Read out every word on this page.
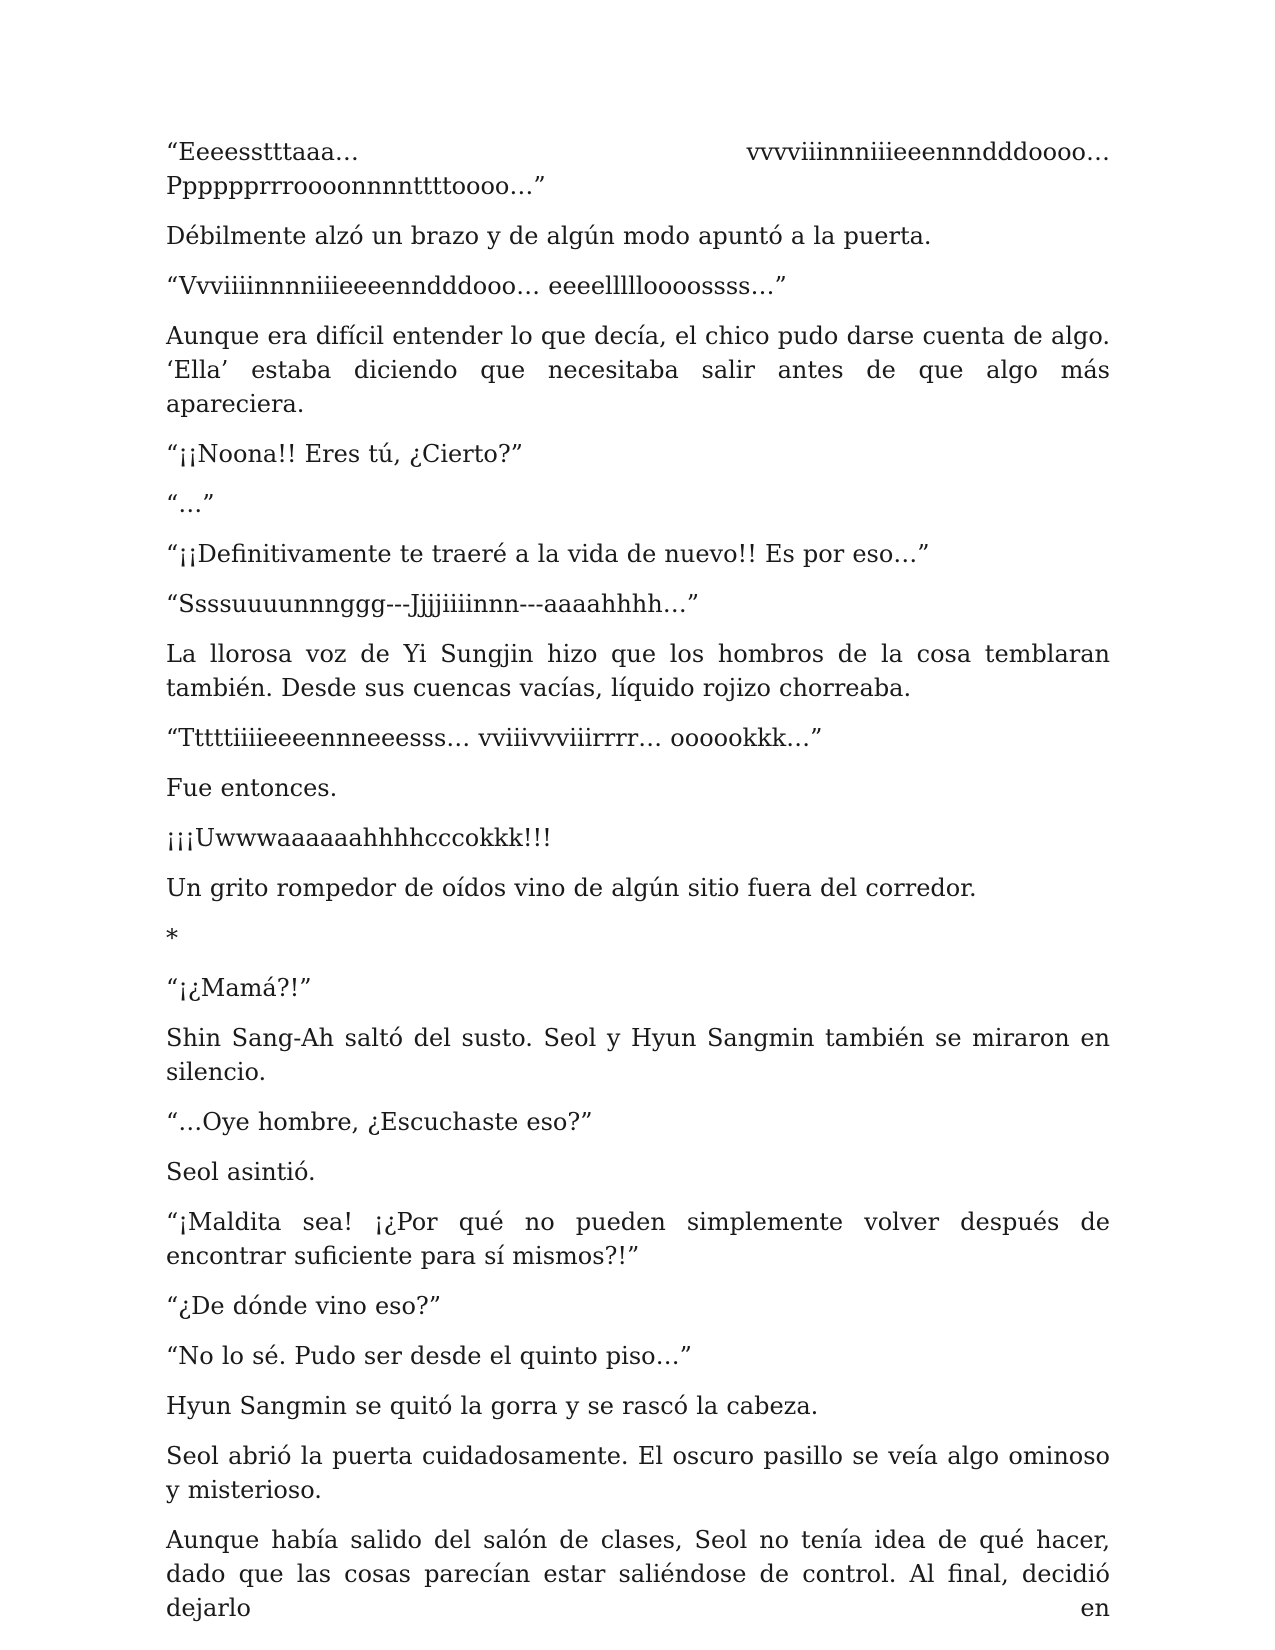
“Eeeesstttaaa… vvvviiinnniiieeennndddoooo… Pppppprrroooonnnnttttoooo…”

Débilmente alzó un brazo y de algún modo apuntó a la puerta.

“Vvviiiinnnniiieeeenndddooo… eeeellllloooossss…”

Aunque era difícil entender lo que decía, el chico pudo darse cuenta de algo. ‘Ella’ estaba diciendo que necesitaba salir antes de que algo más apareciera.

“¡¡Noona!! Eres tú, ¿Cierto?”

“…”

“¡¡Definitivamente te traeré a la vida de nuevo!! Es por eso…”

“Ssssuuuunnnggg---Jjjjiiiinnn---aaaahhhh…”

La llorosa voz de Yi Sungjin hizo que los hombros de la cosa temblaran también. Desde sus cuencas vacías, líquido rojizo chorreaba.

“Tttttiiiieeeennneeesss… vviiivvviiirrrr… oooookkk…”

Fue entonces.

¡¡¡Uwwwaaaaaahhhhcccokkk!!!

Un grito rompedor de oídos vino de algún sitio fuera del corredor.

*

“¡¿Mamá?!”

Shin Sang-Ah saltó del susto. Seol y Hyun Sangmin también se miraron en silencio.

“…Oye hombre, ¿Escuchaste eso?”

Seol asintió.

“¡Maldita sea! ¡¿Por qué no pueden simplemente volver después de encontrar suficiente para sí mismos?!”

“¿De dónde vino eso?”

“No lo sé. Pudo ser desde el quinto piso…”

Hyun Sangmin se quitó la gorra y se rascó la cabeza.

Seol abrió la puerta cuidadosamente. El oscuro pasillo se veía algo ominoso y misterioso.

Aunque había salido del salón de clases, Seol no tenía idea de qué hacer, dado que las cosas parecían estar saliéndose de control. Al final, decidió dejarlo en
